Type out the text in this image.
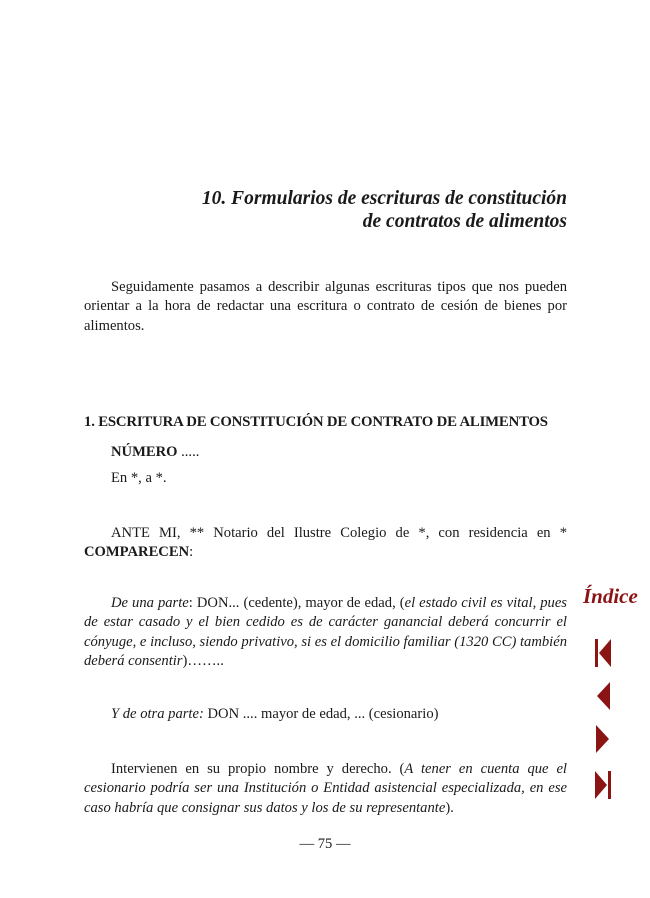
10. Formularios de escrituras de constitución
de contratos de alimentos

Seguidamente pasamos a describir algunas escrituras tipos que nos pueden orientar a la hora de redactar una escritura o contrato de cesión de bienes por alimentos.

1. ESCRITURA DE CONSTITUCIÓN DE CONTRATO DE ALIMENTOS

NÚMERO .....

En *, a *.

ANTE MI, ** Notario del Ilustre Colegio de *, con residencia en * COMPARECEN:

De una parte: DON... (cedente), mayor de edad, (el estado civil es vital, pues de estar casado y el bien cedido es de carácter ganancial deberá concurrir el cónyuge, e incluso, siendo privativo, si es el domicilio familiar (1320 CC) también deberá consentir)……..

Y de otra parte: DON .... mayor de edad, ... (cesionario)

Intervienen en su propio nombre y derecho. (A tener en cuenta que el cesionario podría ser una Institución o Entidad asistencial especializada, en ese caso habría que consignar sus datos y los de su representante).

— 75 —
Índice
